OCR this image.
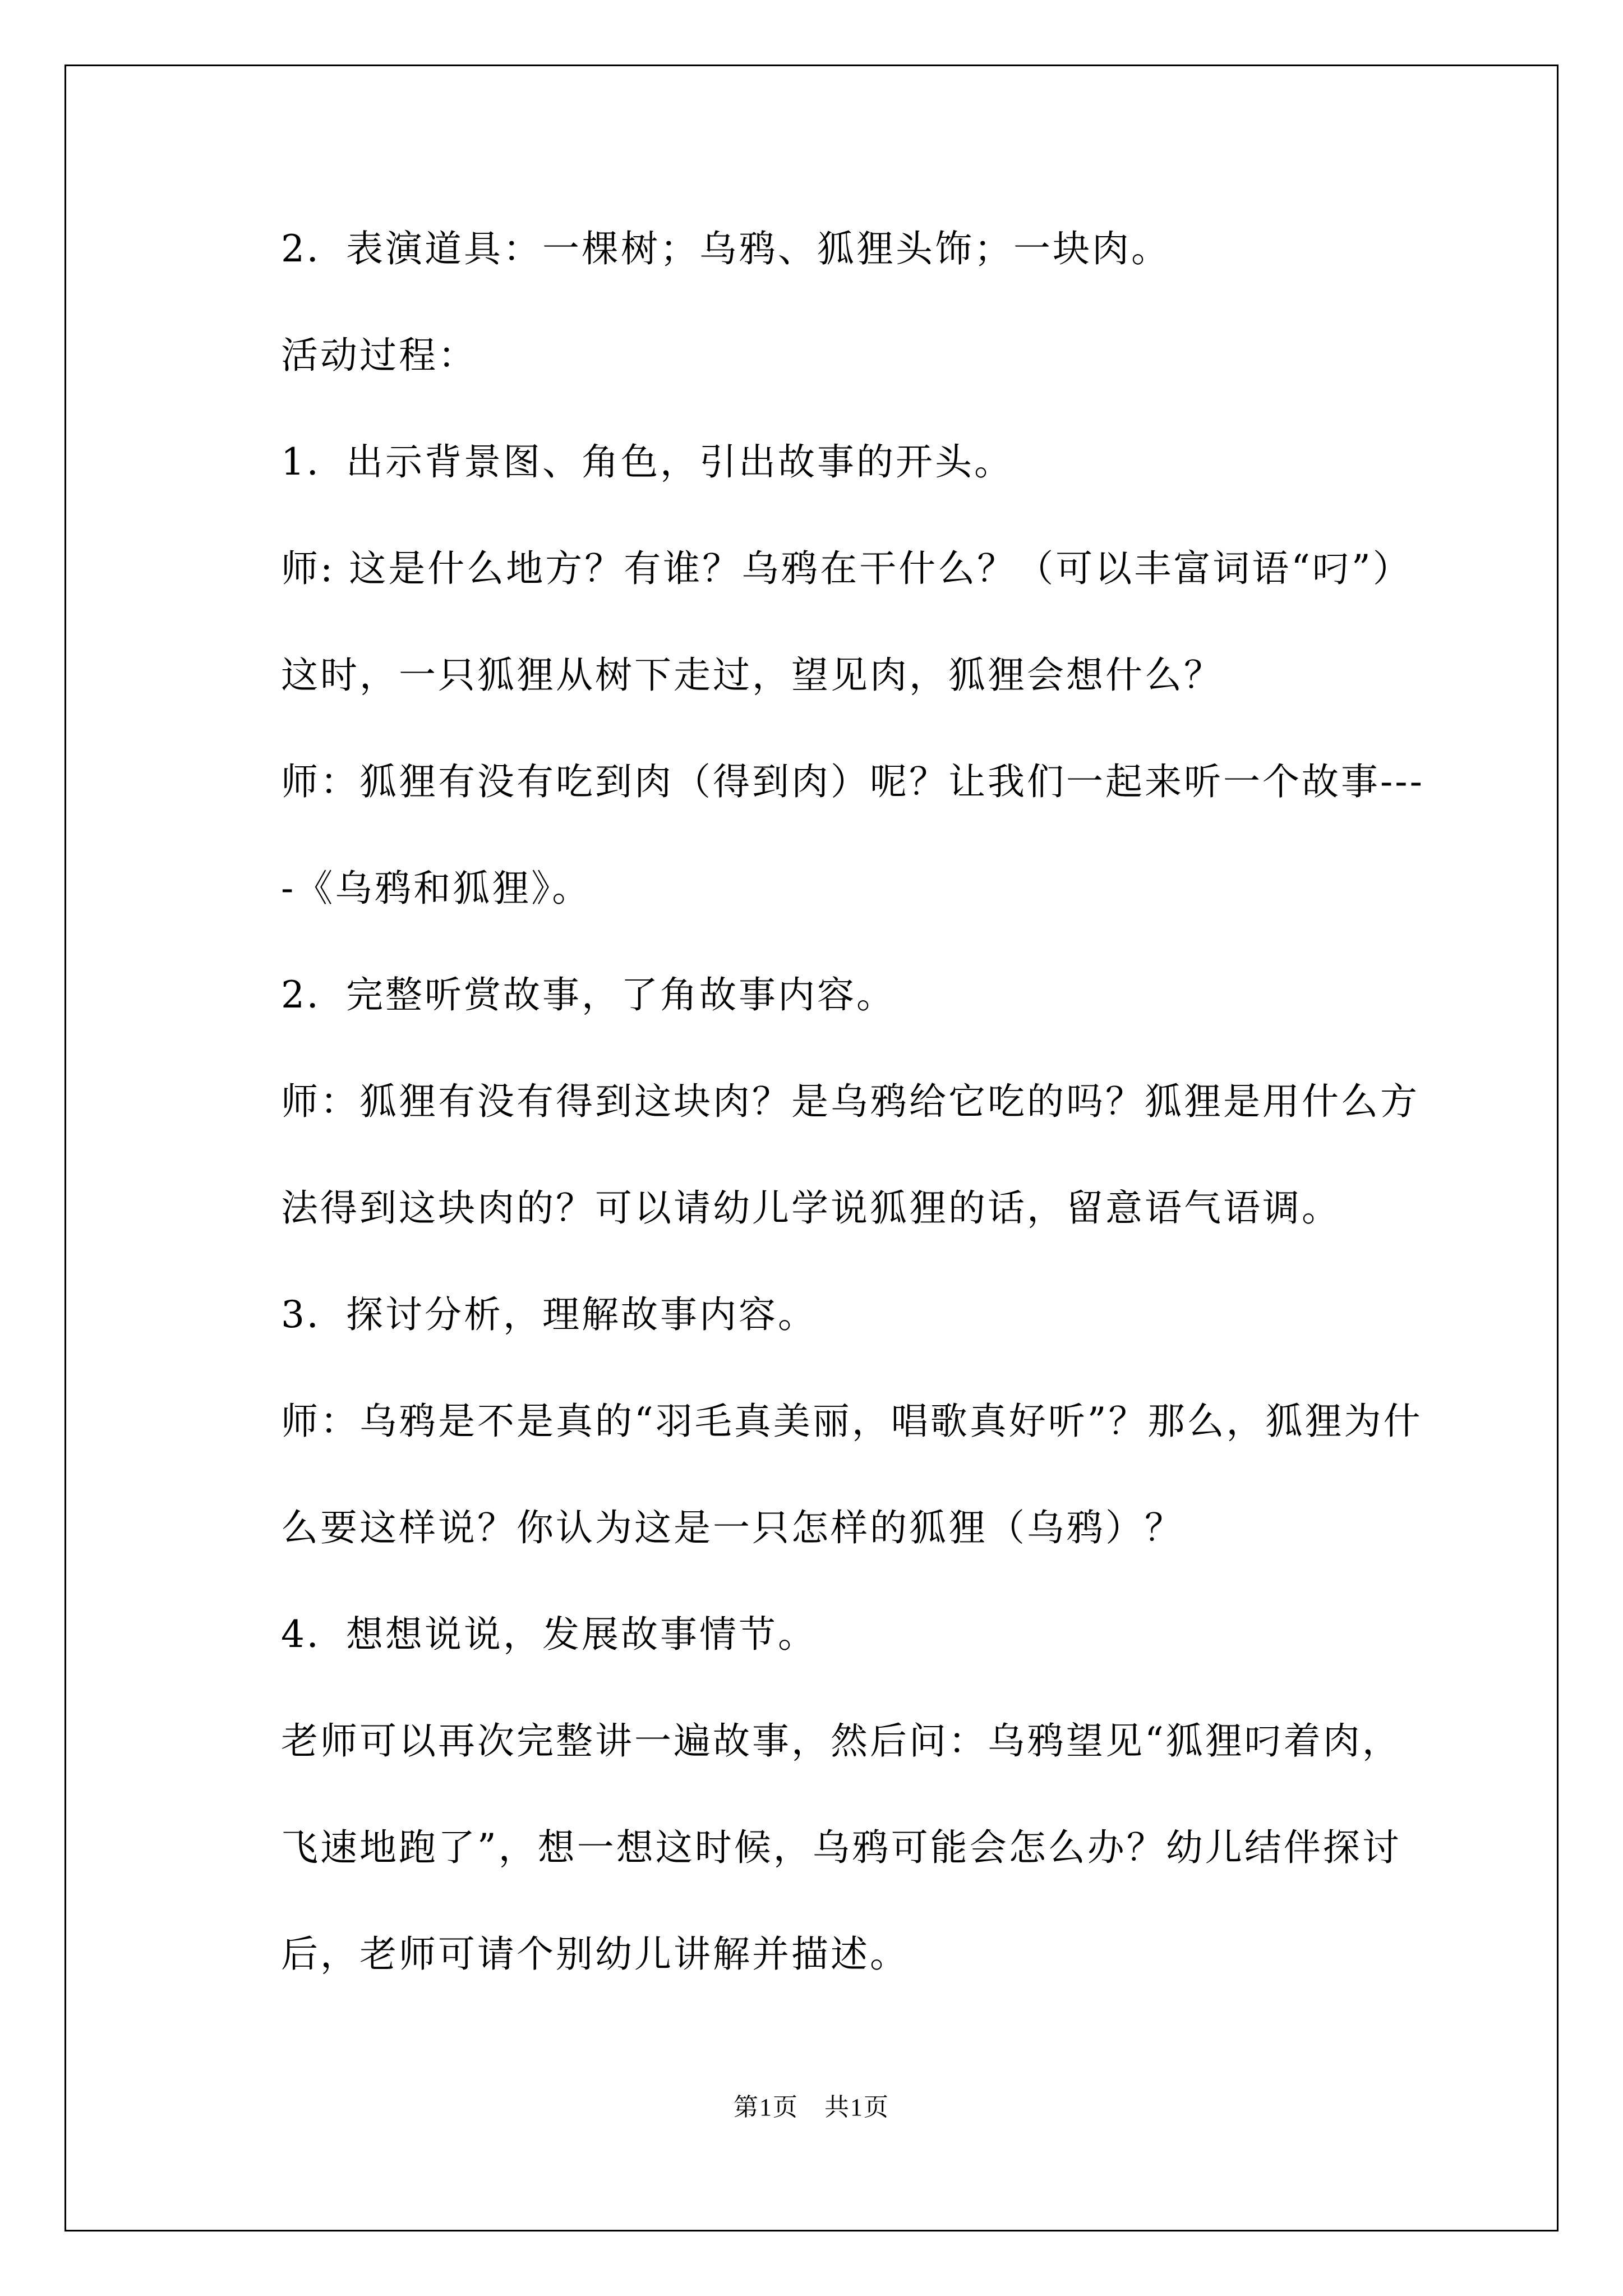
2．表演道具：一棵树；乌鸦、狐狸头饰；一块肉。

活动过程：

1．出示背景图、角色，引出故事的开头。

师: 这是什么地方？有谁？乌鸦在干什么？（可以丰富词语“叼”）这时，一只狐狸从树下走过，望见肉，狐狸会想什么？

师：狐狸有没有吃到肉（得到肉）呢？让我们一起来听一个故事----《乌鸦和狐狸》。

2．完整听赏故事，了角故事内容。

师：狐狸有没有得到这块肉？是乌鸦给它吃的吗？狐狸是用什么方法得到这块肉的？可以请幼儿学说狐狸的话，留意语气语调。

3．探讨分析，理解故事内容。

师：乌鸦是不是真的“羽毛真美丽，唱歌真好听”？那么，狐狸为什么要这样说？你认为这是一只怎样的狐狸（乌鸦）？

4．想想说说，发展故事情节。

老师可以再次完整讲一遍故事，然后问：乌鸦望见“狐狸叼着肉，飞速地跑了”，想一想这时候，乌鸦可能会怎么办？幼儿结伴探讨后，老师可请个别幼儿讲解并描述。

第1页　共1页
